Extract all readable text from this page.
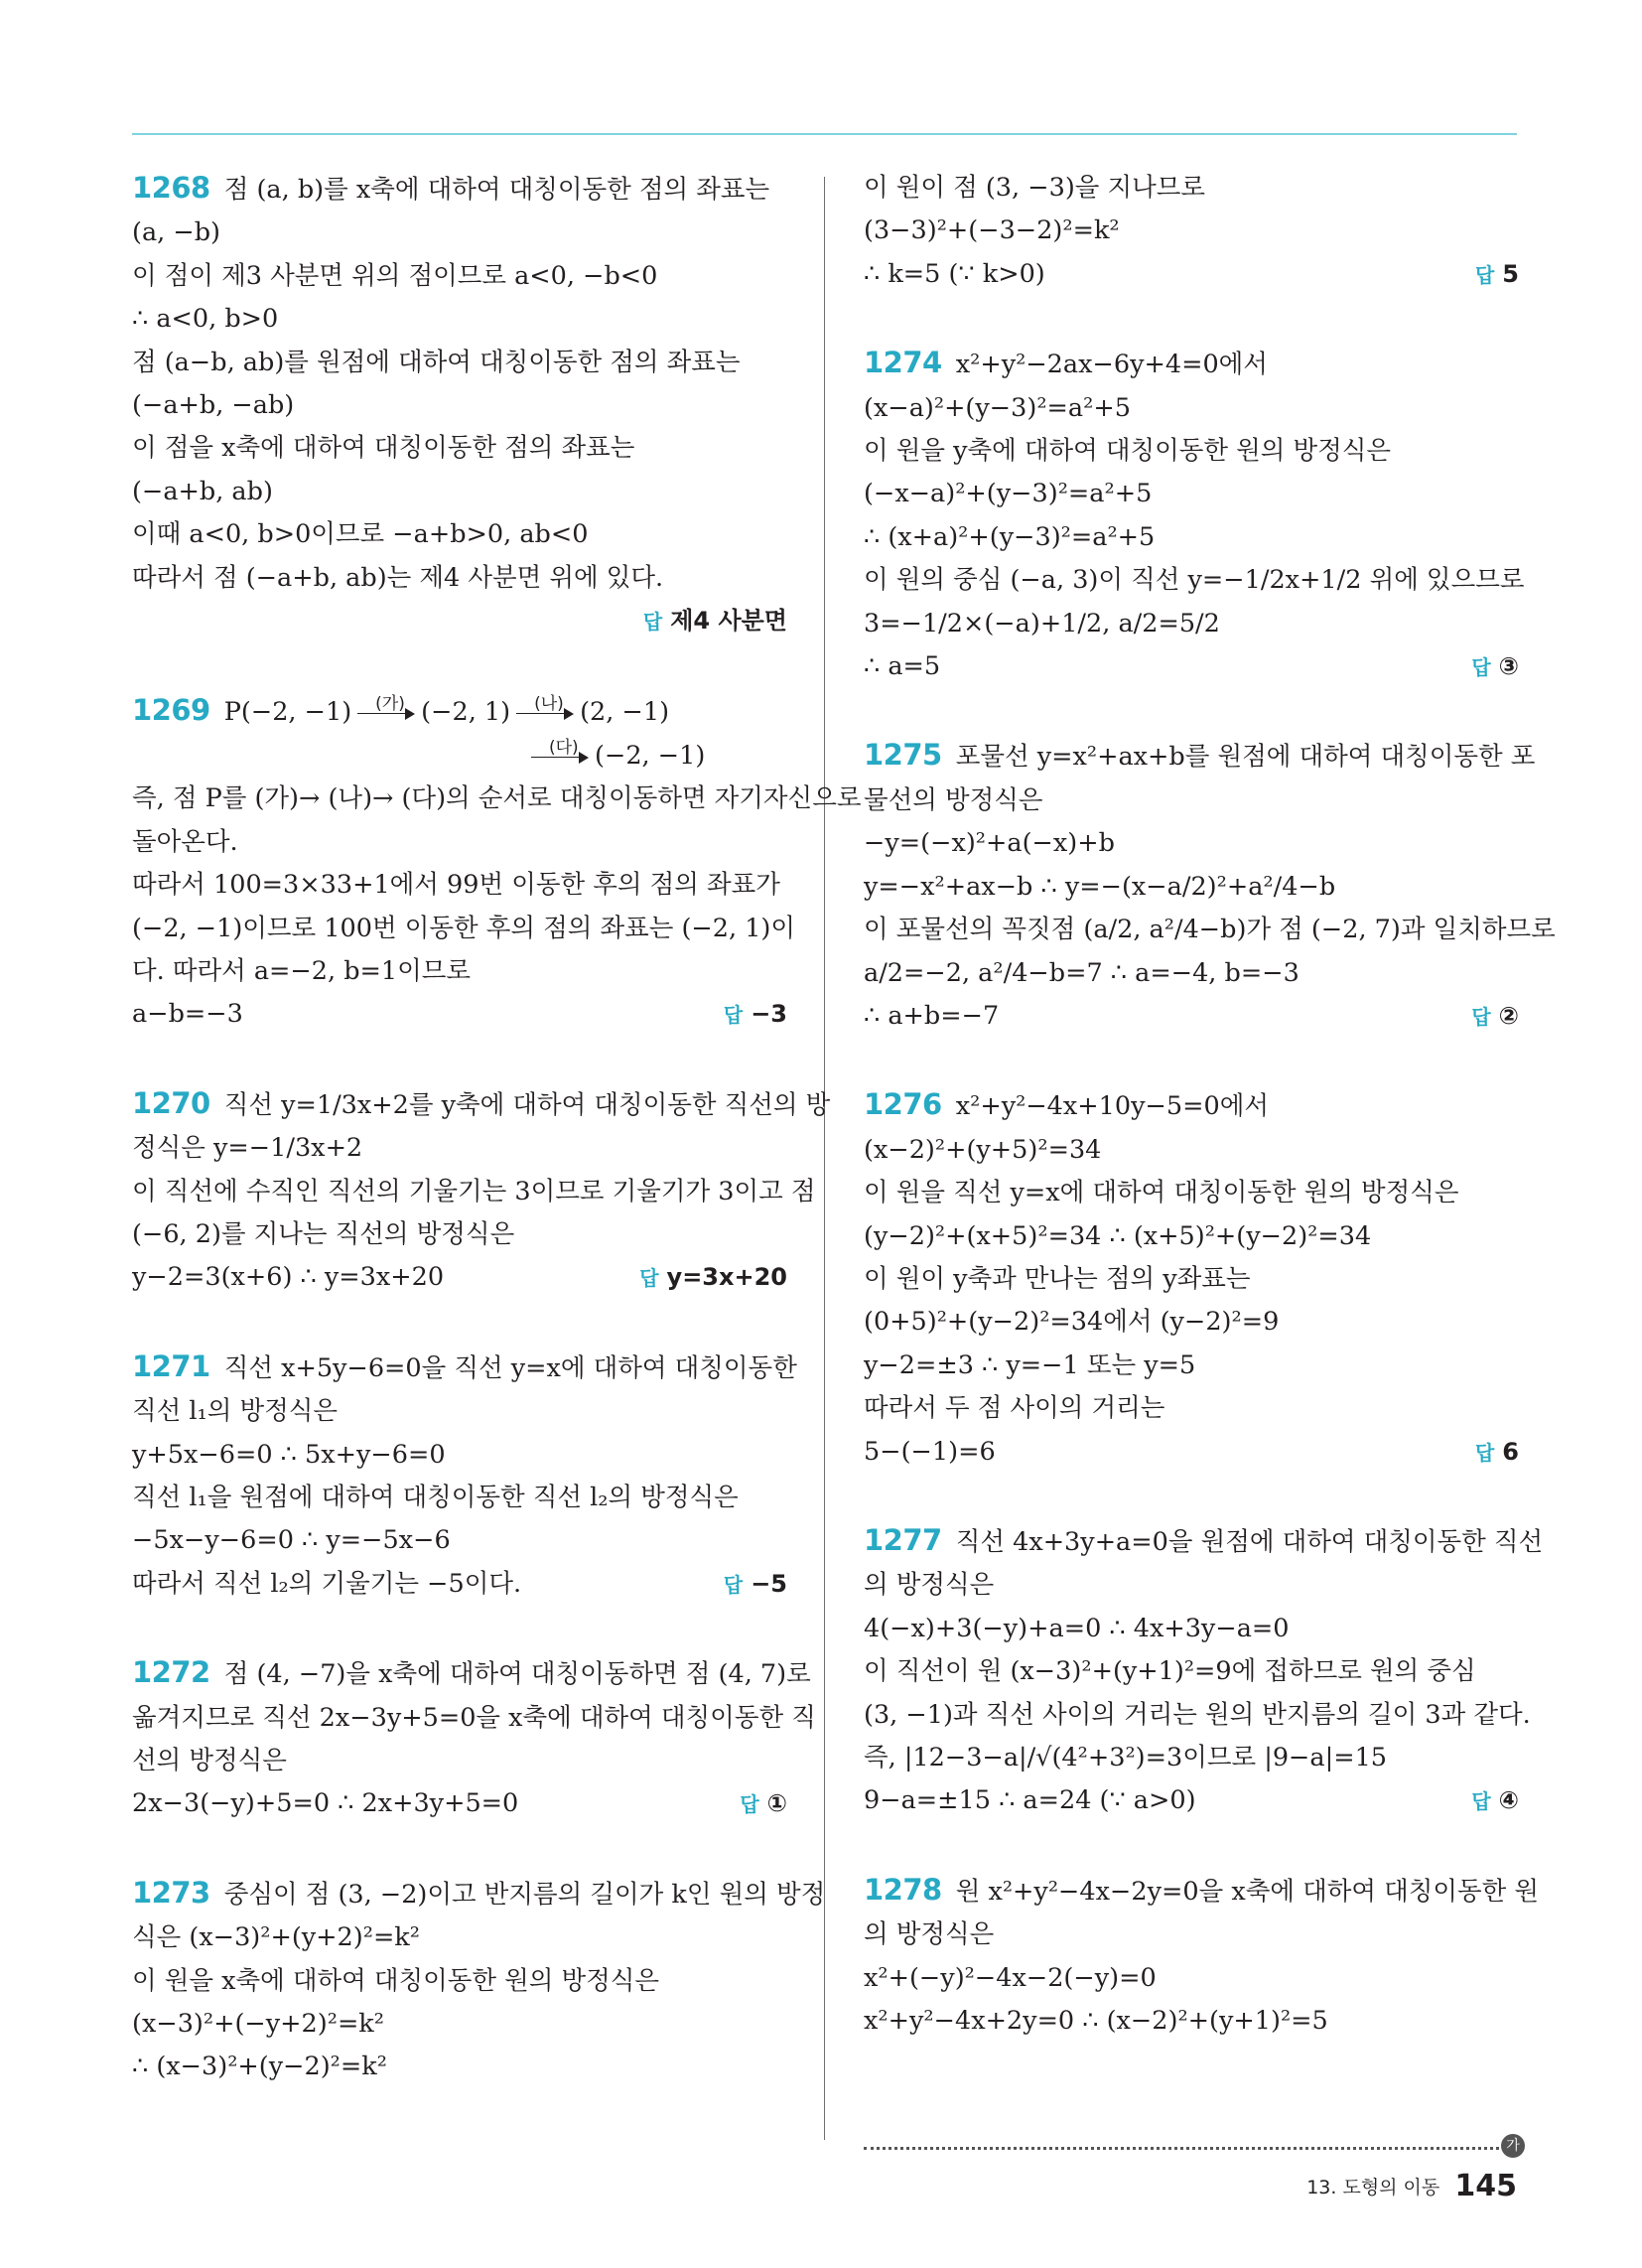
1268 점 (a, b)를 x축에 대하여 대칭이동한 점의 좌표는
(a, −b)
이 점이 제3 사분면 위의 점이므로 a<0, −b<0
∴ a<0, b>0
점 (a−b, ab)를 원점에 대하여 대칭이동한 점의 좌표는
(−a+b, −ab)
이 점을 x축에 대하여 대칭이동한 점의 좌표는
(−a+b, ab)
이때 a<0, b>0이므로 −a+b>0, ab<0
따라서 점 (−a+b, ab)는 제4 사분면 위에 있다.
답 제4 사분면
1269 P(−2, −1) (가) (−2, 1) (나) (2, −1)
(다) (−2, −1)
즉, 점 P를 (가)→ (나)→ (다)의 순서로 대칭이동하면 자기자신으로
돌아온다.
따라서 100=3×33+1에서 99번 이동한 후의 점의 좌표가
(−2, −1)이므로 100번 이동한 후의 점의 좌표는 (−2, 1)이
다. 따라서 a=−2, b=1이므로
a−b=−3	답 −3
1270 직선 y=1/3x+2를 y축에 대하여 대칭이동한 직선의 방
정식은 y=−1/3x+2
이 직선에 수직인 직선의 기울기는 3이므로 기울기가 3이고 점
(−6, 2)를 지나는 직선의 방정식은
y−2=3(x+6) ∴ y=3x+20	답 y=3x+20
1271 직선 x+5y−6=0을 직선 y=x에 대하여 대칭이동한
직선 l₁의 방정식은
y+5x−6=0 ∴ 5x+y−6=0
직선 l₁을 원점에 대하여 대칭이동한 직선 l₂의 방정식은
−5x−y−6=0 ∴ y=−5x−6
따라서 직선 l₂의 기울기는 −5이다.	답 −5
1272 점 (4, −7)을 x축에 대하여 대칭이동하면 점 (4, 7)로
옮겨지므로 직선 2x−3y+5=0을 x축에 대하여 대칭이동한 직
선의 방정식은
2x−3(−y)+5=0 ∴ 2x+3y+5=0	답 ①
1273 중심이 점 (3, −2)이고 반지름의 길이가 k인 원의 방정
식은 (x−3)²+(y+2)²=k²
이 원을 x축에 대하여 대칭이동한 원의 방정식은
(x−3)²+(−y+2)²=k²
∴ (x−3)²+(y−2)²=k²
이 원이 점 (3, −3)을 지나므로
(3−3)²+(−3−2)²=k²
∴ k=5 (∵ k>0)	답 5
1274 x²+y²−2ax−6y+4=0에서
(x−a)²+(y−3)²=a²+5
이 원을 y축에 대하여 대칭이동한 원의 방정식은
(−x−a)²+(y−3)²=a²+5
∴ (x+a)²+(y−3)²=a²+5
이 원의 중심 (−a, 3)이 직선 y=−1/2x+1/2 위에 있으므로
3=−1/2×(−a)+1/2, a/2=5/2
∴ a=5	답 ③
1275 포물선 y=x²+ax+b를 원점에 대하여 대칭이동한 포
물선의 방정식은
−y=(−x)²+a(−x)+b
y=−x²+ax−b ∴ y=−(x−a/2)²+a²/4−b
이 포물선의 꼭짓점 (a/2, a²/4−b)가 점 (−2, 7)과 일치하므로
a/2=−2, a²/4−b=7 ∴ a=−4, b=−3
∴ a+b=−7	답 ②
1276 x²+y²−4x+10y−5=0에서
(x−2)²+(y+5)²=34
이 원을 직선 y=x에 대하여 대칭이동한 원의 방정식은
(y−2)²+(x+5)²=34 ∴ (x+5)²+(y−2)²=34
이 원이 y축과 만나는 점의 y좌표는
(0+5)²+(y−2)²=34에서 (y−2)²=9
y−2=±3 ∴ y=−1 또는 y=5
따라서 두 점 사이의 거리는
5−(−1)=6	답 6
1277 직선 4x+3y+a=0을 원점에 대하여 대칭이동한 직선
의 방정식은
4(−x)+3(−y)+a=0 ∴ 4x+3y−a=0
이 직선이 원 (x−3)²+(y+1)²=9에 접하므로 원의 중심
(3, −1)과 직선 사이의 거리는 원의 반지름의 길이 3과 같다.
즉, |12−3−a|/√(4²+3²)=3이므로 |9−a|=15
9−a=±15 ∴ a=24 (∵ a>0)	답 ④
1278 원 x²+y²−4x−2y=0을 x축에 대하여 대칭이동한 원
의 방정식은
x²+(−y)²−4x−2(−y)=0
x²+y²−4x+2y=0 ∴ (x−2)²+(y+1)²=5
가
13. 도형의 이동 145
